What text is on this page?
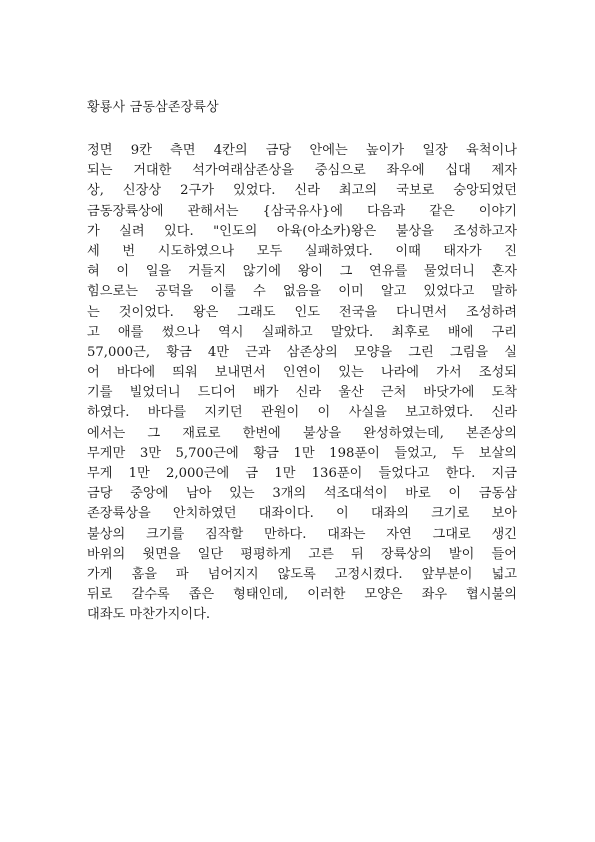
황룡사 금동삼존장륙상
정면 9칸 측면 4칸의 금당 안에는 높이가 일장 육척이나
되는 거대한 석가여래삼존상을 중심으로 좌우에 십대 제자
상, 신장상 2구가 있었다. 신라 최고의 국보로 숭앙되었던
금동장륙상에 관해서는 {삼국유사}에 다음과 같은 이야기
가 실려 있다. "인도의 아육(아소카)왕은 불상을 조성하고자
세 번 시도하였으나 모두 실패하였다. 이때 태자가 진
혀 이 일을 거들지 않기에 왕이 그 연유를 물었더니 혼자
힘으로는 공덕을 이룰 수 없음을 이미 알고 있었다고 말하
는 것이었다. 왕은 그래도 인도 전국을 다니면서 조성하려
고 애를 썼으나 역시 실패하고 말았다. 최후로 배에 구리
57,000근, 황금 4만 근과 삼존상의 모양을 그린 그림을 실
어 바다에 띄워 보내면서 인연이 있는 나라에 가서 조성되
기를 빌었더니 드디어 배가 신라 울산 근처 바닷가에 도착
하였다. 바다를 지키던 관원이 이 사실을 보고하였다. 신라
에서는 그 재료로 한번에 불상을 완성하였는데, 본존상의
무게만 3만 5,700근에 황금 1만 198푼이 들었고, 두 보살의
무게 1만 2,000근에 금 1만 136푼이 들었다고 한다. 지금
금당 중앙에 남아 있는 3개의 석조대석이 바로 이 금동삼
존장륙상을 안치하였던 대좌이다. 이 대좌의 크기로 보아
불상의 크기를 짐작할 만하다. 대좌는 자연 그대로 생긴
바위의 윗면을 일단 평평하게 고른 뒤 장륙상의 발이 들어
가게 홈을 파 넘어지지 않도록 고정시켰다. 앞부분이 넓고
뒤로 갈수록 좁은 형태인데, 이러한 모양은 좌우 협시불의
대좌도 마찬가지이다.
